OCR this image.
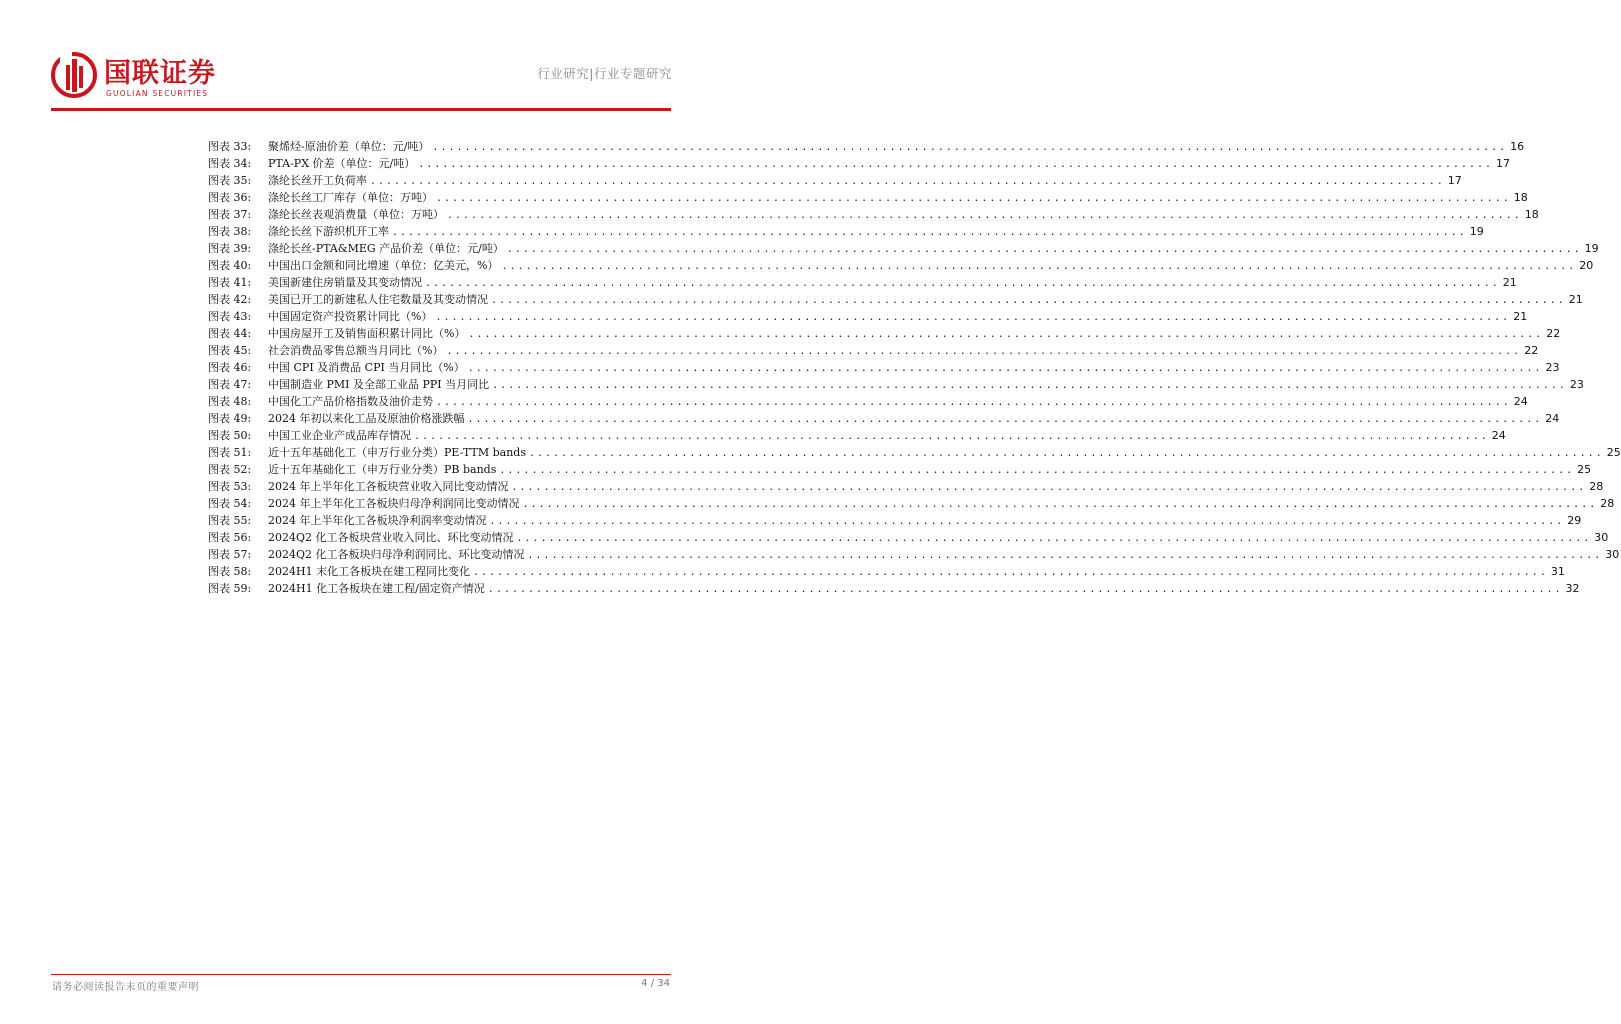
国联证券
GUOLIAN SECURITIES
行业研究|行业专题研究
图表 33:	聚烯烃-原油价差（单位：元/吨） .....	16
图表 34:	PTA-PX 价差（单位：元/吨） .....	17
图表 35:	涤纶长丝开工负荷率 .....	17
图表 36:	涤纶长丝工厂库存（单位：万吨） .....	18
图表 37:	涤纶长丝表观消费量（单位：万吨） .....	18
图表 38:	涤纶长丝下游织机开工率 .....	19
图表 39:	涤纶长丝-PTA&MEG 产品价差（单位：元/吨） .....	19
图表 40:	中国出口金额和同比增速（单位：亿美元，%） .....	20
图表 41:	美国新建住房销量及其变动情况 .....	21
图表 42:	美国已开工的新建私人住宅数量及其变动情况 .....	21
图表 43:	中国固定资产投资累计同比（%） .....	21
图表 44:	中国房屋开工及销售面积累计同比（%） .....	22
图表 45:	社会消费品零售总额当月同比（%） .....	22
图表 46:	中国 CPI 及消费品 CPI 当月同比（%） .....	23
图表 47:	中国制造业 PMI 及全部工业品 PPI 当月同比 .....	23
图表 48:	中国化工产品价格指数及油价走势 .....	24
图表 49:	2024 年初以来化工品及原油价格涨跌幅 .....	24
图表 50:	中国工业企业产成品库存情况 .....	24
图表 51:	近十五年基础化工（申万行业分类）PE-TTM bands .....	25
图表 52:	近十五年基础化工（申万行业分类）PB bands .....	25
图表 53:	2024 年上半年化工各板块营业收入同比变动情况 .....	28
图表 54:	2024 年上半年化工各板块归母净利润同比变动情况 .....	28
图表 55:	2024 年上半年化工各板块净利润率变动情况 .....	29
图表 56:	2024Q2 化工各板块营业收入同比、环比变动情况 .....	30
图表 57:	2024Q2 化工各板块归母净利润同比、环比变动情况 .....	30
图表 58:	2024H1 末化工各板块在建工程同比变化 .....	31
图表 59:	2024H1 化工各板块在建工程/固定资产情况 .....	32
请务必阅读报告末页的重要声明	4 / 34
